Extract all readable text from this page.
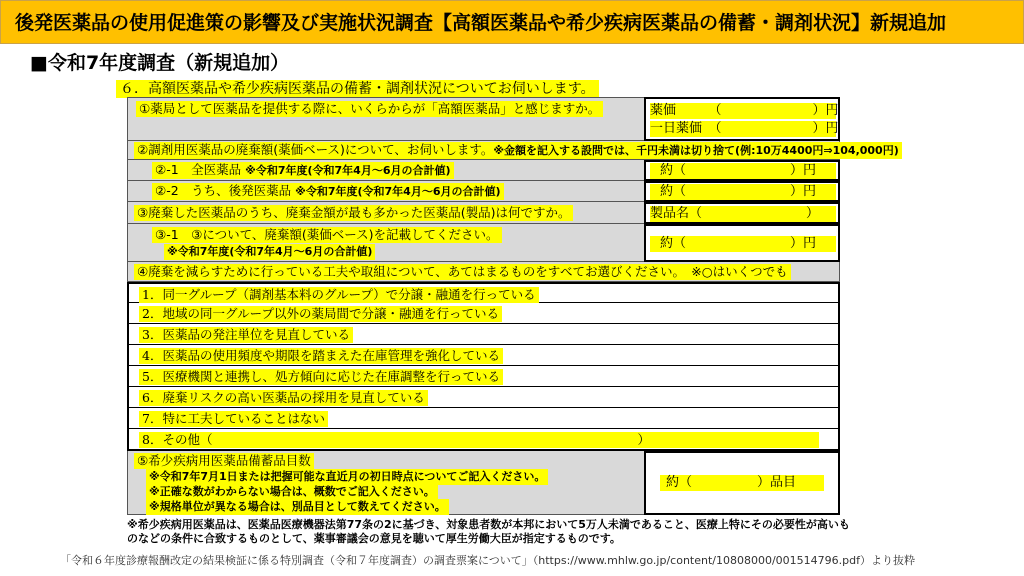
後発医薬品の使用促進策の影響及び実施状況調査【高額医薬品や希少疾病医薬品の備蓄・調剤状況】新規追加
■令和7年度調査（新規追加）
６．高額医薬品や希少疾病医薬品の備蓄・調剤状況についてお伺いします。
①薬局として医薬品を提供する際に、いくらからが「高額医薬品」と感じますか。	薬価　　　（　　　　　　　）円
一日薬価　（　　　　　　　）円
②調剤用医薬品の廃棄額(薬価ベース)について、お伺いします。※金額を記入する設問では、千円未満は切り捨て(例:10万4400円⇒104,000円)
②-1　全医薬品 ※令和7年度(令和7年4月～6月の合計値)	約（　　　　　　　　）円
②-2　うち、後発医薬品 ※令和7年度(令和7年4月～6月の合計値)	約（　　　　　　　　）円
③廃棄した医薬品のうち、廃棄金額が最も多かった医薬品(製品)は何ですか。	製品名（　　　　　　　　）
③-1　③について、廃棄額(薬価ベース)を記載してください。
※令和7年度(令和7年4月～6月の合計値)
約（　　　　　　　　）円
④廃棄を減らすために行っている工夫や取組について、あてはまるものをすべてお選びください。　 ※○はいくつでも
1．同一グループ（調剤基本料のグループ）で分譲・融通を行っている
2．地域の同一グループ以外の薬局間で分譲・融通を行っている
3．医薬品の発注単位を見直している
4．医薬品の使用頻度や期限を踏まえた在庫管理を強化している
5．医療機関と連携し、処方傾向に応じた在庫調整を行っている
6．廃棄リスクの高い医薬品の採用を見直している
7．特に工夫していることはない
8．その他（　　　　　　　　　　　　　　　　　　　　　　　　　　　　　　　　　　）
⑤希少疾病用医薬品備蓄品目数
※令和7年7月1日または把握可能な直近月の初日時点についてご記入ください。
※正確な数がわからない場合は、概数でご記入ください。
※規格単位が異なる場合は、別品目として数えてください。
約（　　　　　）品目
※希少疾病用医薬品は、医薬品医療機器法第77条の2に基づき、対象患者数が本邦において5万人未満であること、医療上特にその必要性が高いも
のなどの条件に合致するものとして、薬事審議会の意見を聴いて厚生労働大臣が指定するものです。
「令和６年度診療報酬改定の結果検証に係る特別調査（令和７年度調査）の調査票案について」（https://www.mhlw.go.jp/content/10808000/001514796.pdf）より抜粋
